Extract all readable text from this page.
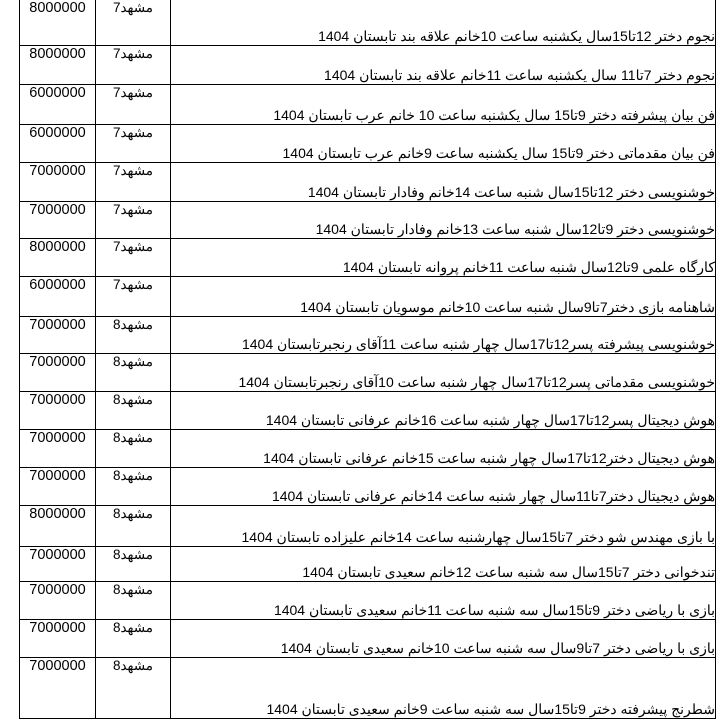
8000000	مشهد7	نجوم دختر 12تا15سال یکشنبه ساعت 10خانم علاقه بند تابستان 1404
8000000	مشهد7	نجوم دختر 7تا11 سال یکشنبه ساعت 11خانم علاقه بند تابستان 1404
6000000	مشهد7	فن بیان پیشرفته دختر 9تا15 سال یکشنبه ساعت 10 خانم عرب تابستان 1404
6000000	مشهد7	فن بیان مقدماتی دختر 9تا15 سال یکشنبه ساعت 9خانم عرب تابستان 1404
7000000	مشهد7	خوشنویسی دختر 12تا15سال شنبه ساعت 14خانم وفادار تابستان 1404
7000000	مشهد7	خوشنویسی دختر 9تا12سال شنبه ساعت 13خانم وفادار تابستان 1404
8000000	مشهد7	کارگاه علمی 9تا12سال شنبه ساعت 11خانم پروانه تابستان 1404
6000000	مشهد7	شاهنامه بازی دختر7تا9سال شنبه ساعت 10خانم موسویان تابستان 1404
7000000	مشهد8	خوشنویسی پیشرفته پسر12تا17سال چهار شنبه ساعت 11آقای رنجبرتابستان 1404
7000000	مشهد8	خوشنویسی مقدماتی پسر12تا17سال چهار شنبه ساعت 10آقای رنجبرتابستان 1404
7000000	مشهد8	هوش دیجیتال پسر12تا17سال چهار شنبه ساعت 16خانم عرفانی تابستان 1404
7000000	مشهد8	هوش دیجیتال دختر12تا17سال چهار شنبه ساعت 15خانم عرفانی تابستان 1404
7000000	مشهد8	هوش دیجیتال دختر7تا11سال چهار شنبه ساعت 14خانم عرفانی تابستان 1404
8000000	مشهد8	با بازی مهندس شو دختر 7تا15سال چهارشنبه ساعت 14خانم علیزاده تابستان 1404
7000000	مشهد8	تندخوانی دختر 7تا15سال سه شنبه ساعت 12خانم سعیدی تابستان 1404
7000000	مشهد8	بازی با ریاضی دختر 9تا15سال سه شنبه ساعت 11خانم سعیدی تابستان 1404
7000000	مشهد8	بازی با ریاضی دختر 7تا9سال سه شنبه ساعت 10خانم سعیدی تابستان 1404
7000000	مشهد8	شطرنج پیشرفته دختر 9تا15سال سه شنبه ساعت 9خانم سعیدی تابستان 1404
